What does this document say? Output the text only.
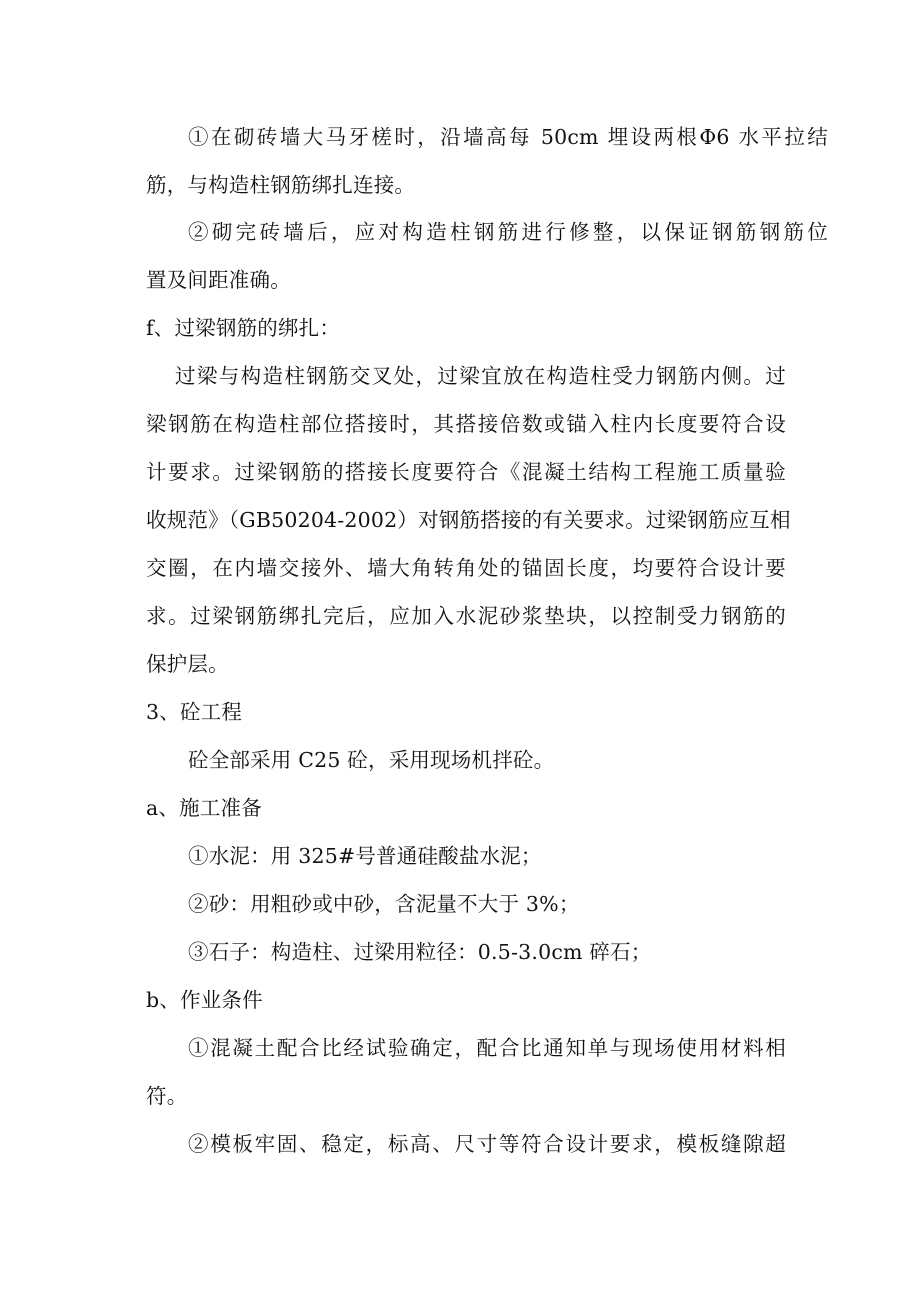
①在砌砖墙大马牙槎时，沿墙高每 50cm 埋设两根Φ6 水平拉结
筋，与构造柱钢筋绑扎连接。
②砌完砖墙后，应对构造柱钢筋进行修整，以保证钢筋钢筋位
置及间距准确。
f、过梁钢筋的绑扎：
过梁与构造柱钢筋交叉处，过梁宜放在构造柱受力钢筋内侧。过
梁钢筋在构造柱部位搭接时，其搭接倍数或锚入柱内长度要符合设
计要求。过梁钢筋的搭接长度要符合《混凝土结构工程施工质量验
收规范》（GB50204-2002）对钢筋搭接的有关要求。过梁钢筋应互相
交圈，在内墙交接外、墙大角转角处的锚固长度，均要符合设计要
求。过梁钢筋绑扎完后，应加入水泥砂浆垫块，以控制受力钢筋的
保护层。
3、砼工程
砼全部采用 C25 砼，采用现场机拌砼。
a、施工准备
①水泥：用 325#号普通硅酸盐水泥；
②砂：用粗砂或中砂，含泥量不大于 3%；
③石子：构造柱、过梁用粒径：0.5-3.0cm 碎石；
b、作业条件
①混凝土配合比经试验确定，配合比通知单与现场使用材料相
符。
②模板牢固、稳定，标高、尺寸等符合设计要求，模板缝隙超
